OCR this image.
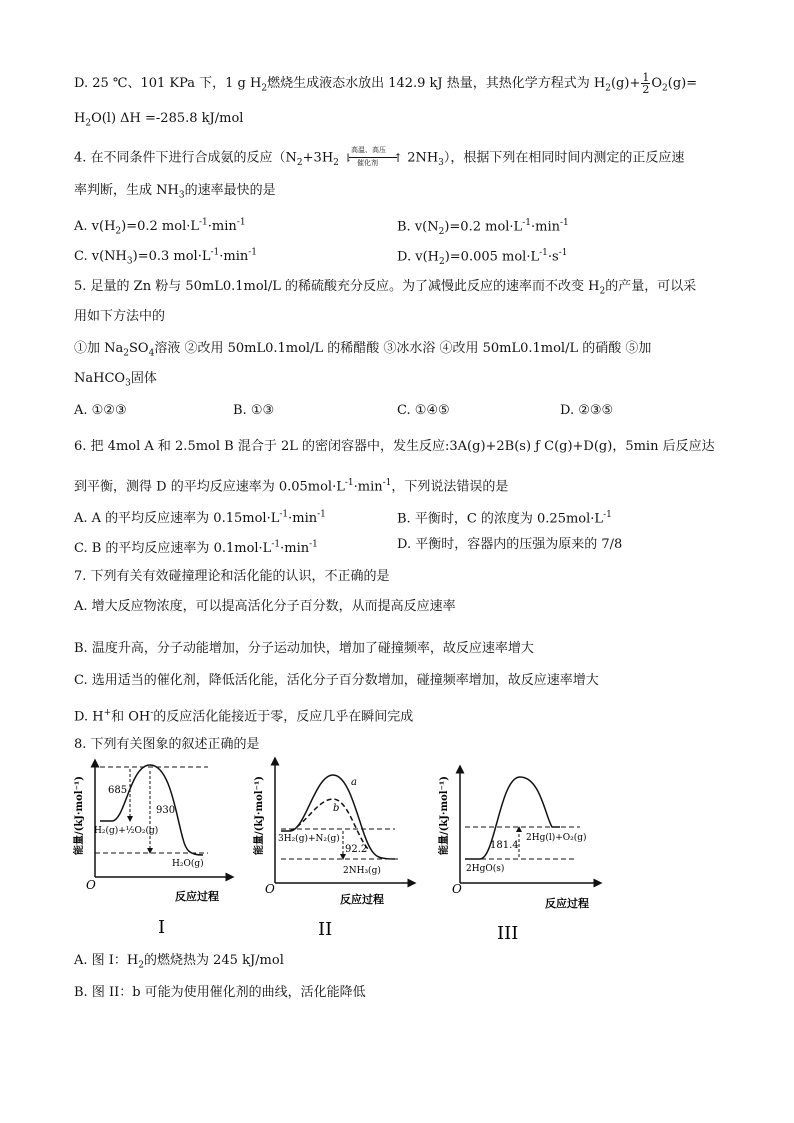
D. 25 ℃、101 KPa 下，1 g $H_2$燃烧生成液态水放出 142.9 kJ 热量，其热化学方程式为 $H_2(g)+ \frac{1}{2} O_2(g)=$
$H_2O(l)$ ΔH =-285.8 kJ/mol
4. 在不同条件下进行合成氨的反应（$N_2+3H_2$ ⇂
高温、高压
催化剂 ↑ $2NH_3$），根据下列在相同时间内测定的正反应速
率判断，生成 $NH_3$的速率最快的是
A. $v(H_2)=0.2$ $mol\cdot L^{-1}\cdot\min^{-1}$	B. $v(N_2)=0.2$ $mol\cdot L^{-1}\cdot\min^{-1}$
C. $v(NH_3)=0.3$ $mol\cdot L^{-1}\cdot\min^{-1}$	D. $v(H_2)=0.005$ $mol\cdot L^{-1}\cdot s^{-1}$
5. 足量的 Zn 粉与 50mL0.1mol/L 的稀硫酸充分反应。为了减慢此反应的速率而不改变 $H_2$的产量，可以采
用如下方法中的
①加 $Na_2SO_4$溶液 ②改用 50mL0.1mol/L 的稀醋酸 ③冰水浴 ④改用 50mL0.1mol/L 的硝酸 ⑤加
NaHCO$_3$固体
A. ①②③	B. ①③	C. ①④⑤	D. ②③⑤
6. 把 4mol A 和 2.5mol B 混合于 2L 的密闭容器中，发生反应:3A(g)+2B(s) ƒ C(g)+D(g)，5min 后反应达
到平衡，测得 D 的平均反应速率为 $0.05mol\cdot L^{-1}\cdot\min^{-1}$，下列说法错误的是
A. A 的平均反应速率为 $0.15mol\cdot L^{-1}\cdot\min^{-1}$	B. 平衡时，C 的浓度为 $0.25mol\cdot L^{-1}$
C. B 的平均反应速率为 $0.1mol\cdot L^{-1}\cdot\min^{-1}$	D. 平衡时，容器内的压强为原来的 7/8
7. 下列有关有效碰撞理论和活化能的认识，不正确的是
A. 增大反应物浓度，可以提高活化分子百分数，从而提高反应速率
B. 温度升高，分子动能增加，分子运动加快，增加了碰撞频率，故反应速率增大
C. 选用适当的催化剂，降低活化能，活化分子百分数增加，碰撞频率增加，故反应速率增大
D. H+和 OH-的反应活化能接近于零，反应几乎在瞬间完成
8. 下列有关图象的叙述正确的是
O
反应过程
能量/(kJ·mol⁻¹) 685
930
H₂(g)+½O₂(g)
H₂O(g)
O
反应过程
能量/(kJ·mol⁻¹)	a
b
3H₂(g)+N₂(g)
92.2
2NH₃(g)
O
反应过程
能量/(kJ·mol⁻¹)	181.4
2Hg(l)+O₂(g)
2HgO(s)
I	II	III
A. 图 I：$H_2$的燃烧热为 245 kJ/mol
B. 图 II：b 可能为使用催化剂的曲线，活化能降低
